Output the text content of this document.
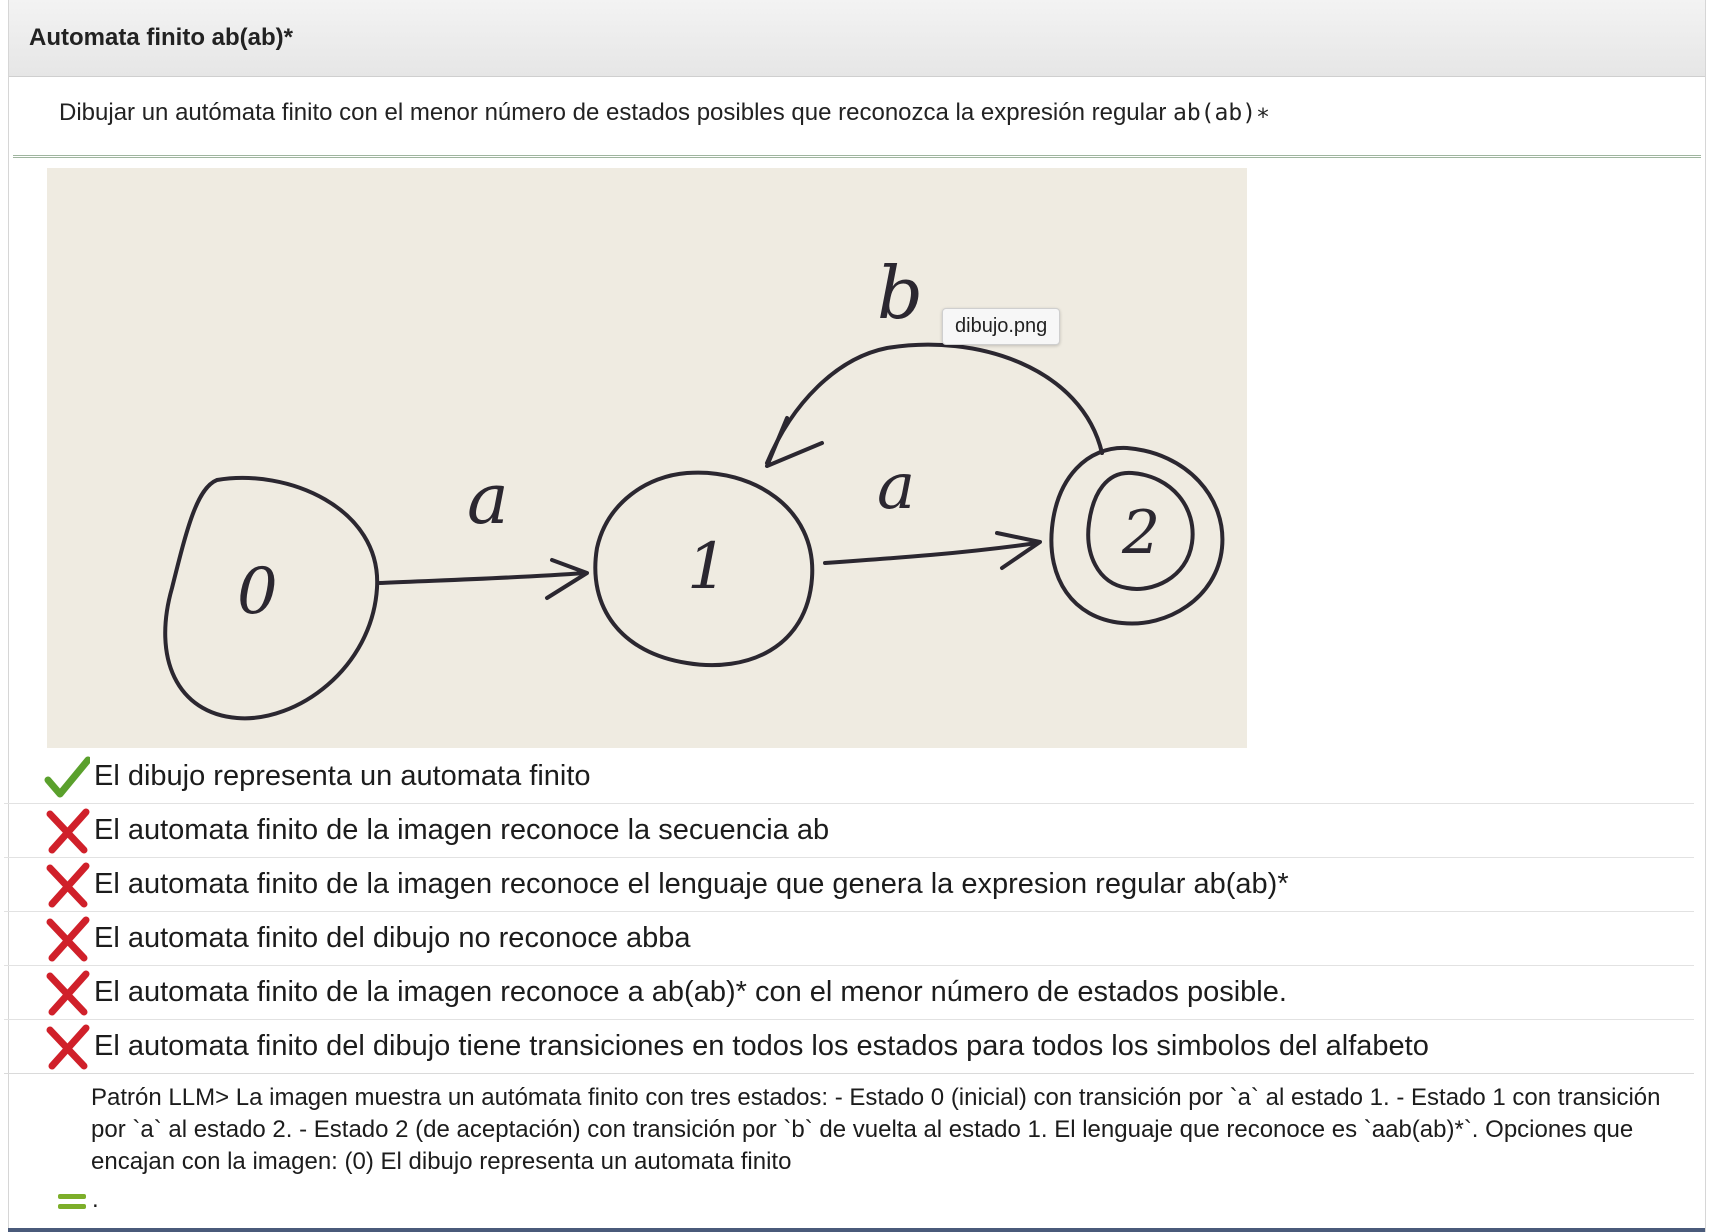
Automata finito ab(ab)*
Dibujar un autómata finito con el menor número de estados posibles que reconozca la expresión regular ab(ab)∗
0	1	2
a	a
b	dibujo.png
El dibujo representa un automata finito
El automata finito de la imagen reconoce la secuencia ab
El automata finito de la imagen reconoce el lenguaje que genera la expresion regular ab(ab)*
El automata finito del dibujo no reconoce abba
El automata finito de la imagen reconoce a ab(ab)* con el menor número de estados posible.
El automata finito del dibujo tiene transiciones en todos los estados para todos los simbolos del alfabeto
Patrón LLM> La imagen muestra un autómata finito con tres estados: - Estado 0 (inicial) con transición por `a` al estado 1. - Estado 1 con transición por `a` al estado 2. - Estado 2 (de aceptación) con transición por `b` de vuelta al estado 1. El lenguaje que reconoce es `aab(ab)*`. Opciones que encajan con la imagen: (0) El dibujo representa un automata finito
.
